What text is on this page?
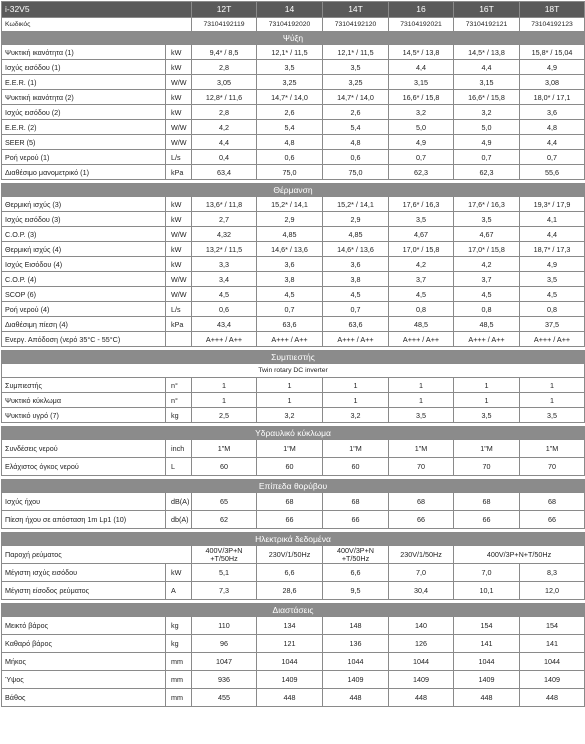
i-32V5		12T	14	14T	16	16T	18T
Κωδικός		73104192119	73104192020	73104192120	73104192021	73104192121	73104192123
Ψύξη							
Ψυκτική ικανότητα (1)	kW	9,4* / 8,5	12,1* / 11,5	12,1* / 11,5	14,5* / 13,8	14,5* / 13,8	15,8* / 15,04
Ισχύς εισόδου (1)	kW	2,8	3,5	3,5	4,4	4,4	4,9
E.E.R. (1)	W/W	3,05	3,25	3,25	3,15	3,15	3,08
Ψυκτική ικανότητα (2)	kW	12,8* / 11,6	14,7* / 14,0	14,7* / 14,0	16,6* / 15,8	16,6* / 15,8	18,0* / 17,1
Ισχύς εισόδου (2)	kW	2,8	2,6	2,6	3,2	3,2	3,6
E.E.R. (2)	W/W	4,2	5,4	5,4	5,0	5,0	4,8
SEER (5)	W/W	4,4	4,8	4,8	4,9	4,9	4,4
Ροή νερού (1)	L/s	0,4	0,6	0,6	0,7	0,7	0,7
Διαθέσιμο μανομετρικό (1)	kPa	63,4	75,0	75,0	62,3	62,3	55,6

Θέρμανση							
Θερμική ισχύς (3)	kW	13,6* / 11,8	15,2* / 14,1	15,2* / 14,1	17,6* / 16,3	17,6* / 16,3	19,3* / 17,9
Ισχύς εισόδου (3)	kW	2,7	2,9	2,9	3,5	3,5	4,1
C.O.P. (3)	W/W	4,32	4,85	4,85	4,67	4,67	4,4
Θερμική ισχύς (4)	kW	13,2* / 11,5	14,6* / 13,6	14,6* / 13,6	17,0* / 15,8	17,0* / 15,8	18,7* / 17,3
Ισχύς Εισόδου (4)	kW	3,3	3,6	3,6	4,2	4,2	4,9
C.O.P. (4)	W/W	3,4	3,8	3,8	3,7	3,7	3,5
SCOP (6)	W/W	4,5	4,5	4,5	4,5	4,5	4,5
Ροή νερού (4)	L/s	0,6	0,7	0,7	0,8	0,8	0,8
Διαθέσιμη πίεση (4)	kPa	43,4	63,6	63,6	48,5	48,5	37,5
Ενεργ. Απόδοση (νερό 35°C - 55°C)		A+++ / A++	A+++ / A++	A+++ / A++	A+++ / A++	A+++ / A++	A+++ / A++

Συμπιεστής							
Twin rotary DC inverter							
Συμπιεστής	n°	1	1	1	1	1	1
Ψυκτικό κύκλωμα	n°	1	1	1	1	1	1
Ψυκτικό υγρό (7)	kg	2,5	3,2	3,2	3,5	3,5	3,5

Υδραυλικό κύκλωμα							
Συνδέσεις νερού	inch	1"M	1"M	1"M	1"M	1"M	1"M
Ελάχιστος όγκος νερού	L	60	60	60	70	70	70

Επίπεδα θορύβου							
Ισχύς ήχου	dB(A)	65	68	68	68	68	68
Πίεση ήχου σε απόσταση 1m Lp1 (10)	db(A)	62	66	66	66	66	66

Ηλεκτρικά δεδομένα							
Παροχή ρεύματος		400V/3P+N +T/50Hz	230V/1/50Hz	400V/3P+N +T/50Hz	230V/1/50Hz	400V/3P+N+T/50Hz	
Μέγιστη ισχύς εισόδου	kW	5,1	6,6	6,6	7,0	7,0	8,3
Μέγιστη είσοδος ρεύματος	A	7,3	28,6	9,5	30,4	10,1	12,0

Διαστάσεις							
Μεικτό βάρος	kg	110	134	148	140	154	154
Καθαρό βάρος	kg	96	121	136	126	141	141
Μήκος	mm	1047	1044	1044	1044	1044	1044
Ύψος	mm	936	1409	1409	1409	1409	1409
Βάθος	mm	455	448	448	448	448	448
